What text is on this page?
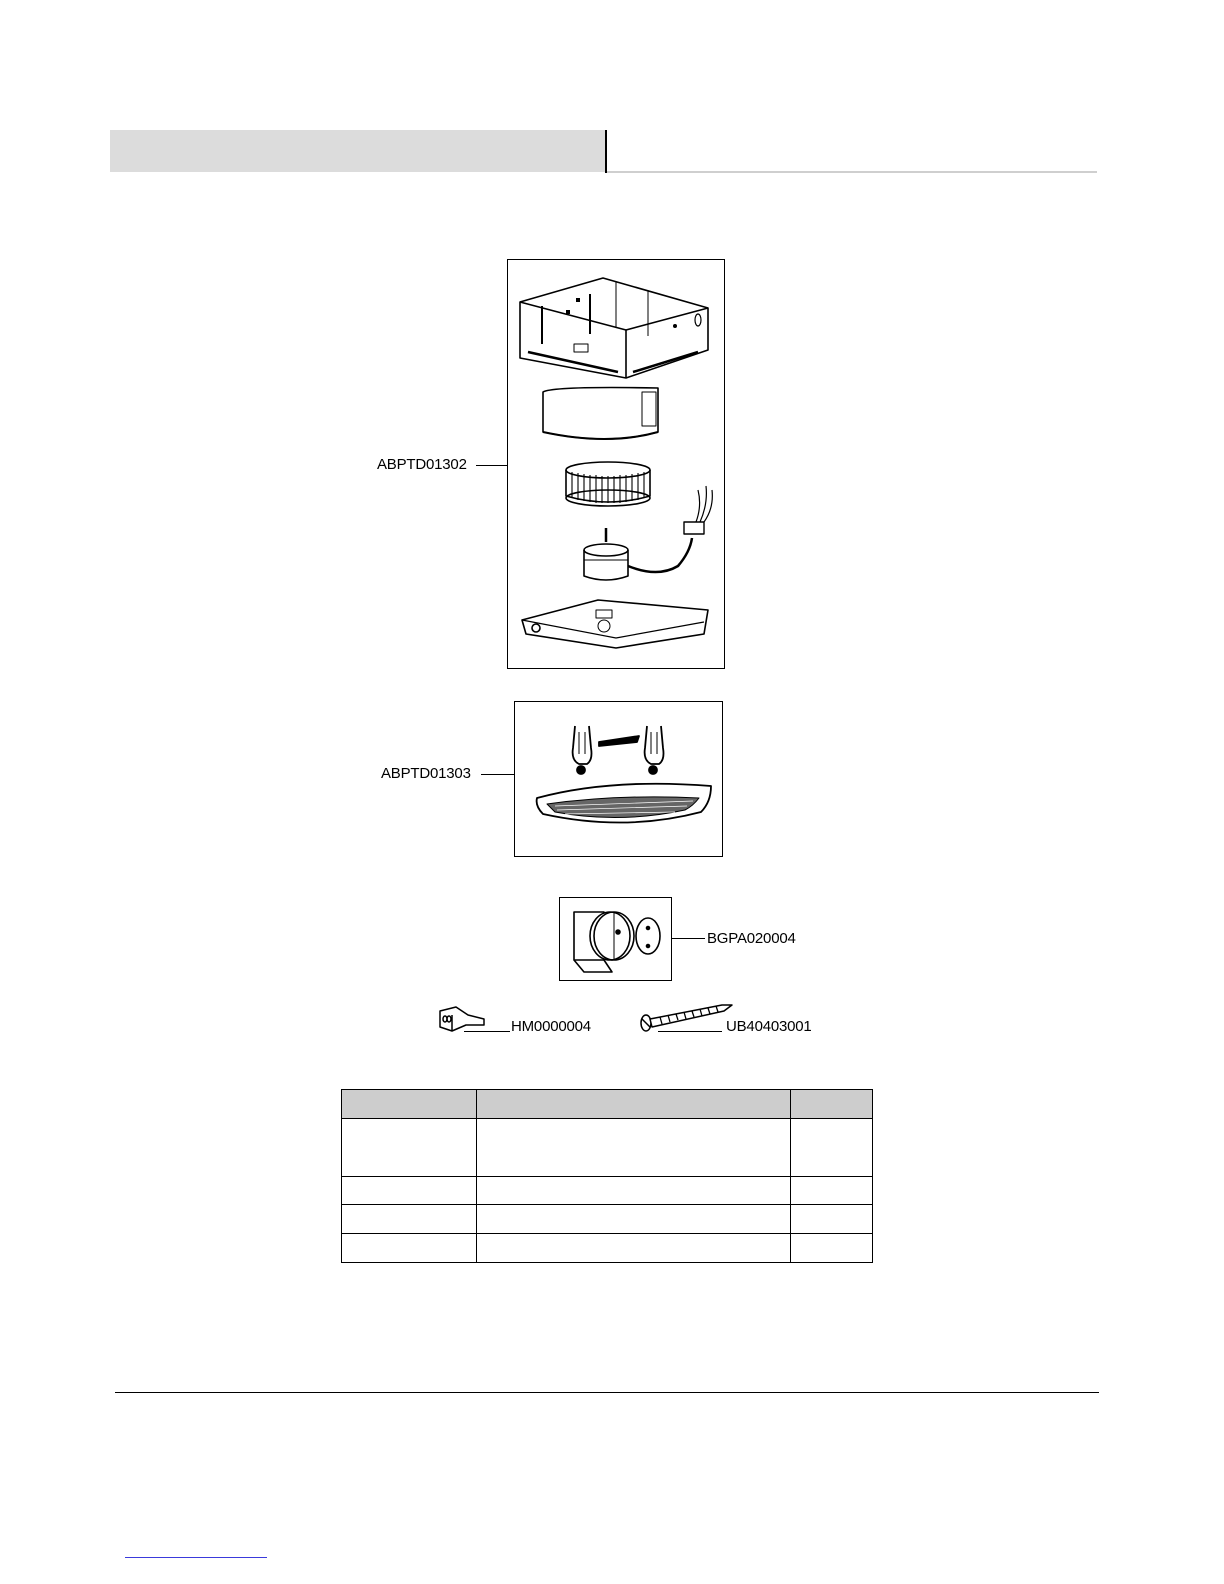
ABPTD01302
ABPTD01303
BGPA020004
HM0000004	UB40403001
